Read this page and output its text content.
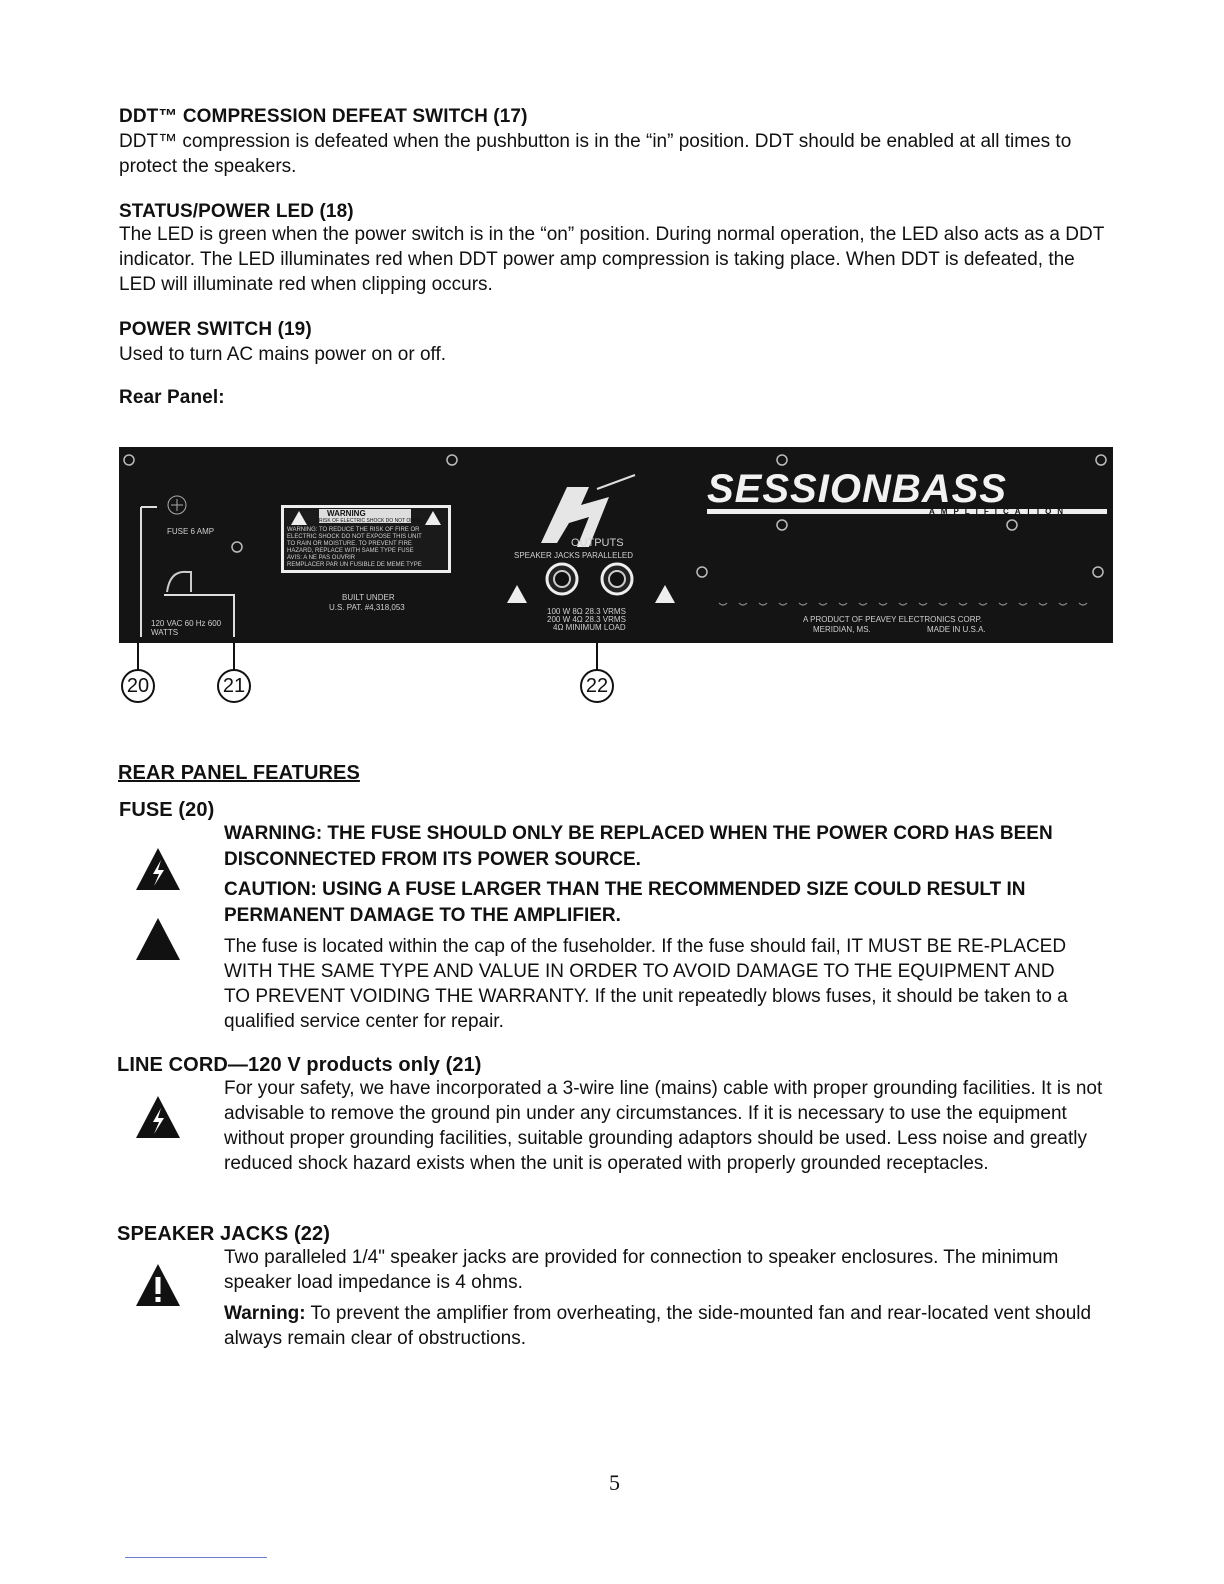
DDT™ COMPRESSION DEFEAT SWITCH (17)
DDT™ compression is defeated when the pushbutton is in the “in” position. DDT should be enabled at all times to protect the speakers.
STATUS/POWER LED (18)
The LED is green when the power switch is in the “on” position. During normal operation, the LED also acts as a DDT indicator. The LED illuminates red when DDT power amp compression is taking place. When DDT is defeated, the LED will illuminate red when clipping occurs.
POWER SWITCH (19)
Used to turn AC mains power on or off.
Rear Panel:
FUSE 6 AMP
120 VAC 60 Hz 600 WATTS
WARNING
RISK OF ELECTRIC SHOCK DO NOT OPEN
WARNING: TO REDUCE THE RISK OF FIRE OR
ELECTRIC SHOCK DO NOT EXPOSE THIS UNIT
TO RAIN OR MOISTURE. TO PREVENT FIRE
HAZARD, REPLACE WITH SAME TYPE FUSE
AVIS: A NE PAS OUVRIR
REMPLACER PAR UN FUSIBLE DE MEME TYPE
BUILT UNDER
U.S. PAT. #4,318,053
OUTPUTS
SPEAKER JACKS PARALLELED
100 W 8Ω 28.3 VRMS
200 W 4Ω 28.3 VRMS
4Ω MINIMUM LOAD
SESSIONBASS
AMPLIFICATION
A PRODUCT OF PEAVEY ELECTRONICS CORP.
MERIDIAN, MS.	MADE IN U.S.A.
20	21	22
REAR PANEL FEATURES
FUSE (20)
WARNING: THE FUSE SHOULD ONLY BE REPLACED WHEN THE POWER CORD HAS BEEN DISCONNECTED FROM ITS POWER SOURCE.
CAUTION: USING A FUSE LARGER THAN THE RECOMMENDED SIZE COULD RESULT IN PERMANENT DAMAGE TO THE AMPLIFIER.
The fuse is located within the cap of the fuseholder. If the fuse should fail, IT MUST BE RE-PLACED WITH THE SAME TYPE AND VALUE IN ORDER TO AVOID DAMAGE TO THE EQUIPMENT AND TO PREVENT VOIDING THE WARRANTY. If the unit repeatedly blows fuses, it should be taken to a qualified service center for repair.
LINE CORD—120 V products only (21)
For your safety, we have incorporated a 3-wire line (mains) cable with proper grounding facilities. It is not advisable to remove the ground pin under any circumstances. If it is necessary to use the equipment without proper grounding facilities, suitable grounding adaptors should be used. Less noise and greatly reduced shock hazard exists when the unit is operated with properly grounded receptacles.
SPEAKER JACKS (22)
Two paralleled 1/4" speaker jacks are provided for connection to speaker enclosures. The minimum speaker load impedance is 4 ohms.
Warning: To prevent the amplifier from overheating, the side-mounted fan and rear-located vent should always remain clear of obstructions.
5
